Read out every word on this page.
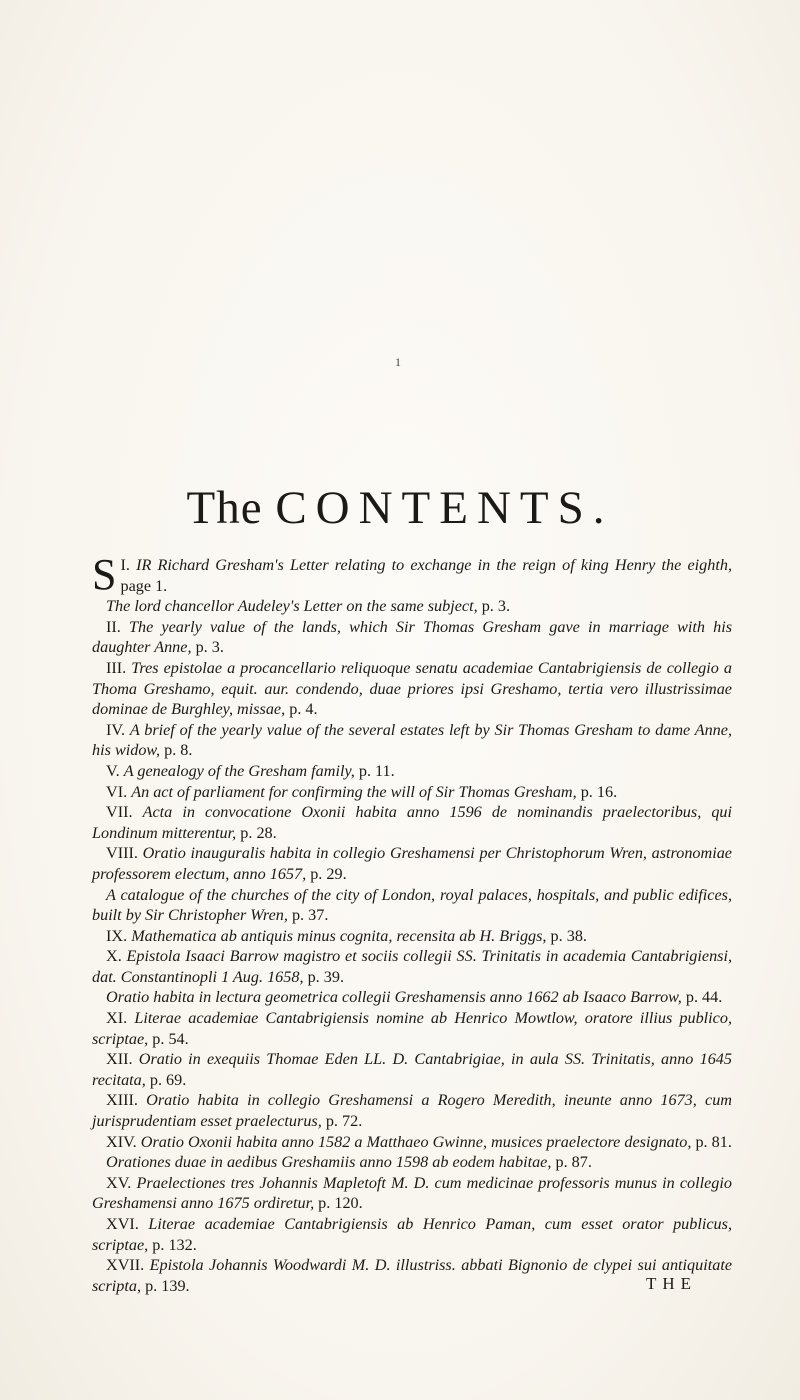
1
The CONTENTS.

I.
S IR Richard Gresham's Letter relating to exchange in the reign of king Henry the eighth, page 1.

The lord chancellor Audeley's Letter on the same subject, p. 3.

II. The yearly value of the lands, which Sir Thomas Gresham gave in marriage with his daughter Anne, p. 3.

III. Tres epistolae a procancellario reliquoque senatu academiae Cantabrigiensis de collegio a Thoma Greshamo, equit. aur. condendo, duae priores ipsi Greshamo, tertia vero illustrissimae dominae de Burghley, missae, p. 4.

IV. A brief of the yearly value of the several estates left by Sir Thomas Gresham to dame Anne, his widow, p. 8.

V. A genealogy of the Gresham family, p. 11.

VI. An act of parliament for confirming the will of Sir Thomas Gresham, p. 16.

VII. Acta in convocatione Oxonii habita anno 1596 de nominandis praelectoribus, qui Londinum mitterentur, p. 28.

VIII. Oratio inauguralis habita in collegio Greshamensi per Christophorum Wren, astronomiae professorem electum, anno 1657, p. 29.

A catalogue of the churches of the city of London, royal palaces, hospitals, and public edifices, built by Sir Christopher Wren, p. 37.

IX. Mathematica ab antiquis minus cognita, recensita ab H. Briggs, p. 38.

X. Epistola Isaaci Barrow magistro et sociis collegii SS. Trinitatis in academia Cantabrigiensi, dat. Constantinopli 1 Aug. 1658, p. 39.

Oratio habita in lectura geometrica collegii Greshamensis anno 1662 ab Isaaco Barrow, p. 44.

XI. Literae academiae Cantabrigiensis nomine ab Henrico Mowtlow, oratore illius publico, scriptae, p. 54.

XII. Oratio in exequiis Thomae Eden LL. D. Cantabrigiae, in aula SS. Trinitatis, anno 1645 recitata, p. 69.

XIII. Oratio habita in collegio Greshamensi a Rogero Meredith, ineunte anno 1673, cum jurisprudentiam esset praelecturus, p. 72.

XIV. Oratio Oxonii habita anno 1582 a Matthaeo Gwinne, musices praelectore designato, p. 81.

Orationes duae in aedibus Greshamiis anno 1598 ab eodem habitae, p. 87.

XV. Praelectiones tres Johannis Mapletoft M. D. cum medicinae professoris munus in collegio Greshamensi anno 1675 ordiretur, p. 120.

XVI. Literae academiae Cantabrigiensis ab Henrico Paman, cum esset orator publicus, scriptae, p. 132.

XVII. Epistola Johannis Woodwardi M. D. illustriss. abbati Bignonio de clypei sui antiquitate scripta, p. 139.	THE
